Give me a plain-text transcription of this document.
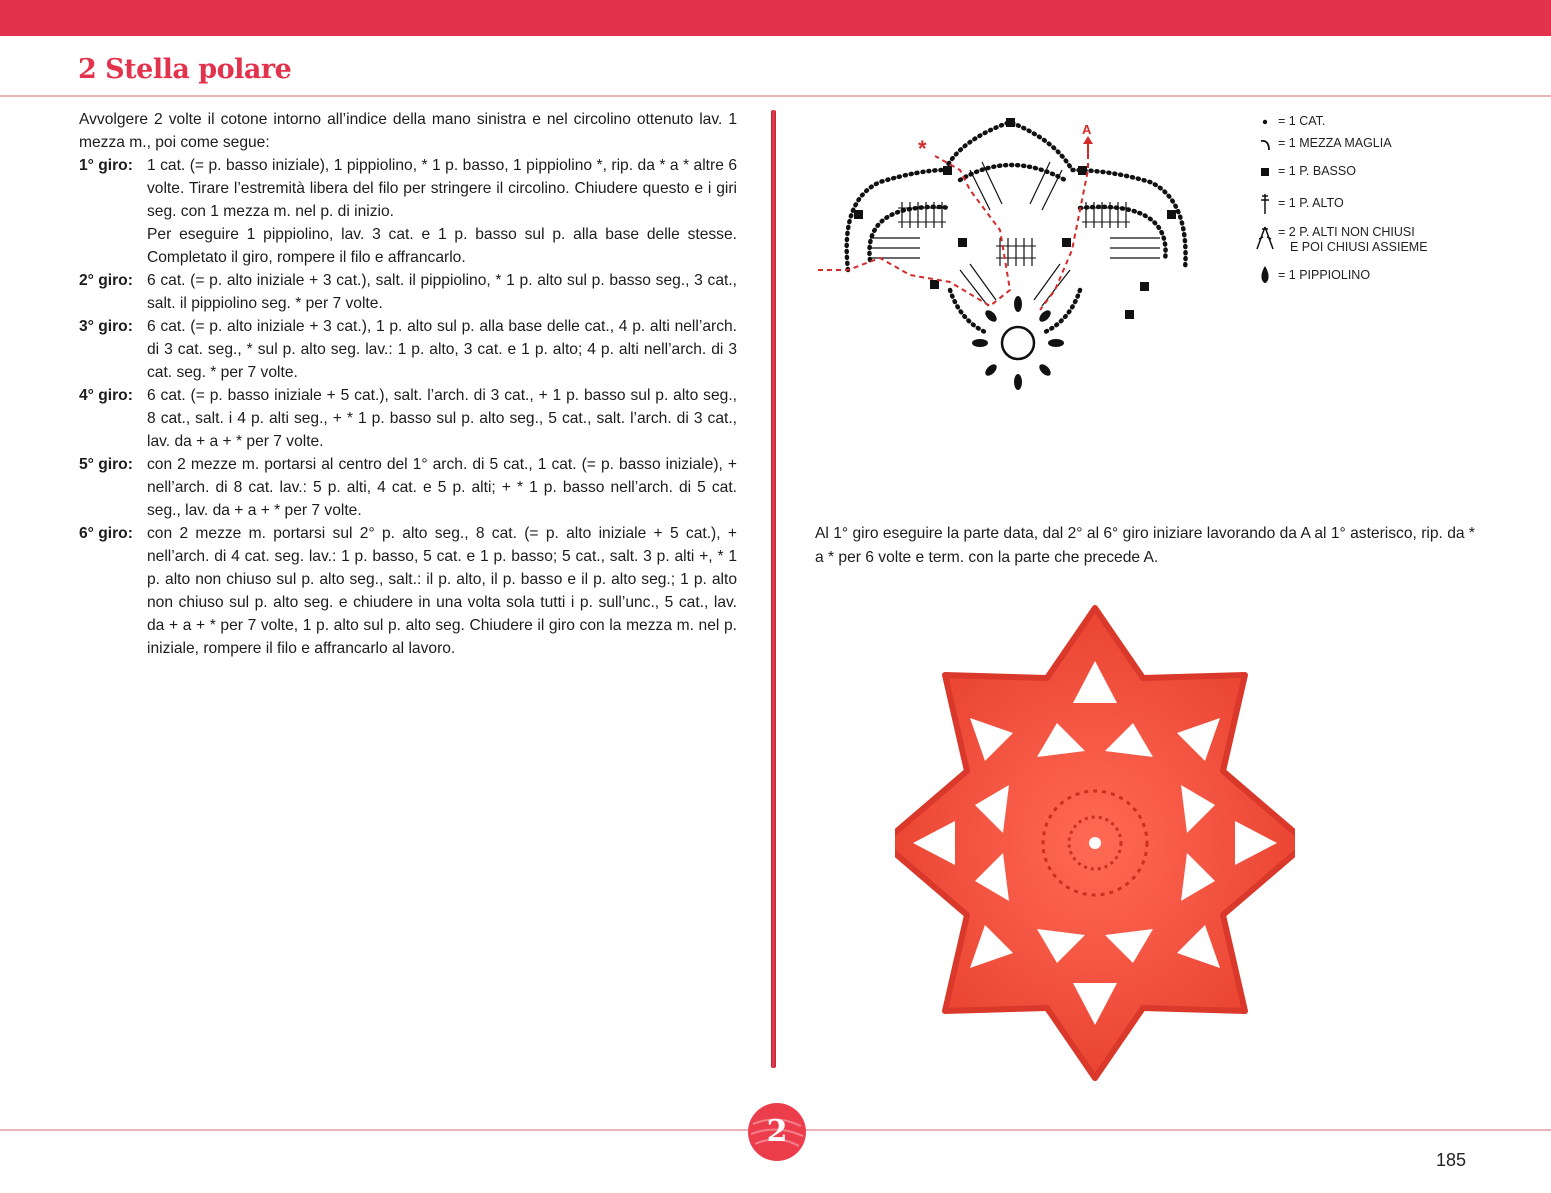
2 Stella polare

Avvolgere 2 volte il cotone intorno all’indice della mano sinistra e nel circolino ottenuto lav. 1 mezza m., poi come segue:

1° giro: 1 cat. (= p. basso iniziale), 1 pippiolino, * 1 p. basso, 1 pippiolino *, rip. da * a * altre 6 volte. Tirare l’estremità libera del filo per stringere il circolino. Chiudere questo e i giri seg. con 1 mezza m. nel p. di inizio.

Per eseguire 1 pippiolino, lav. 3 cat. e 1 p. basso sul p. alla base delle stesse. Completato il giro, rompere il filo e affrancarlo.

2° giro: 6 cat. (= p. alto iniziale + 3 cat.), salt. il pippiolino, * 1 p. alto sul p. basso seg., 3 cat., salt. il pippiolino seg. * per 7 volte.

3° giro: 6 cat. (= p. alto iniziale + 3 cat.), 1 p. alto sul p. alla base delle cat., 4 p. alti nell’arch. di 3 cat. seg., * sul p. alto seg. lav.: 1 p. alto, 3 cat. e 1 p. alto; 4 p. alti nell’arch. di 3 cat. seg. * per 7 volte.

4° giro: 6 cat. (= p. basso iniziale + 5 cat.), salt. l’arch. di 3 cat., + 1 p. basso sul p. alto seg., 8 cat., salt. i 4 p. alti seg., + * 1 p. basso sul p. alto seg., 5 cat., salt. l’arch. di 3 cat., lav. da + a + * per 7 volte.

5° giro: con 2 mezze m. portarsi al centro del 1° arch. di 5 cat., 1 cat. (= p. basso iniziale), + nell’arch. di 8 cat. lav.: 5 p. alti, 4 cat. e 5 p. alti; + * 1 p. basso nell’arch. di 5 cat. seg., lav. da + a + * per 7 volte.

6° giro: con 2 mezze m. portarsi sul 2° p. alto seg., 8 cat. (= p. alto iniziale + 5 cat.), + nell’arch. di 4 cat. seg. lav.: 1 p. basso, 5 cat. e 1 p. basso; 5 cat., salt. 3 p. alti +, * 1 p. alto non chiuso sul p. alto seg., salt.: il p. alto, il p. basso e il p. alto seg.; 1 p. alto non chiuso sul p. alto seg. e chiudere in una volta sola tutti i p. sull’unc., 5 cat., lav. da + a + * per 7 volte, 1 p. alto sul p. alto seg. Chiudere il giro con la mezza m. nel p. iniziale, rompere il filo e affrancarlo al lavoro.

A
*
= 1 CAT.
= 1 MEZZA MAGLIA
= 1 P. BASSO
= 1 P. ALTO
= 2 P. ALTI NON CHIUSI
E POI CHIUSI ASSIEME
= 1 PIPPIOLINO

Al 1° giro eseguire la parte data, dal 2° al 6° giro iniziare lavorando da A al 1° asterisco, rip. da * a * per 6 volte e term. con la parte che precede A.

2
185
